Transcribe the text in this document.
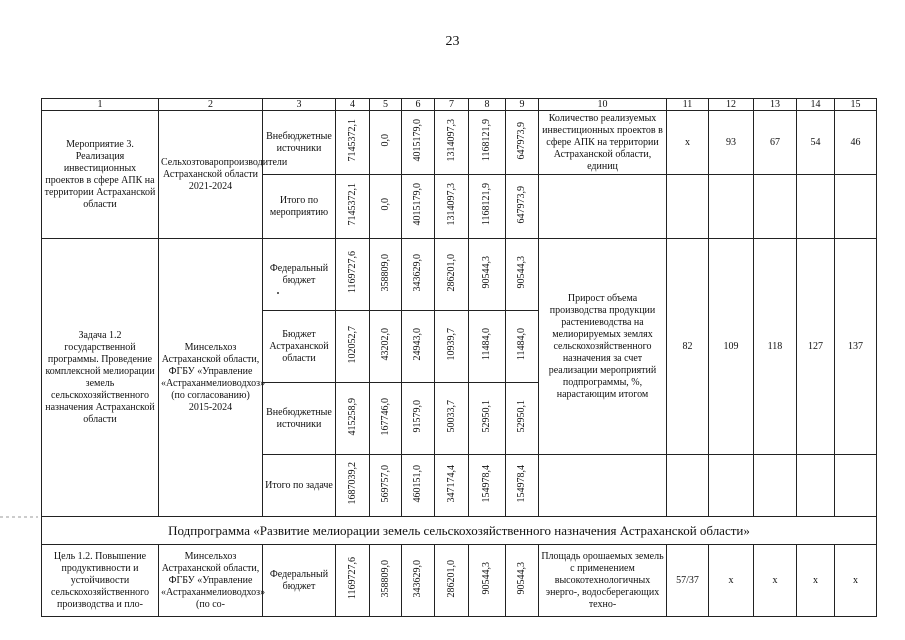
23
1	2	3	4	5	6	7	8	9	10	11	12	13	14	15
Мероприятие 3. Реализация инвестиционных проектов в сфере АПК на территории Астраханской области	Сельхозтоваропроизводители Астраханской области 2021-2024	Внебюджетные источники	7145372,1	0,0	4015179,0	1314097,3	1168121,9	647973,9	Количество реализуемых инвестиционных проектов в сфере АПК на территории Астраханской области, единиц	x	93	67	54	46
		Итого по мероприятию	7145372,1	0,0	4015179,0	1314097,3	1168121,9	647973,9						
Задача 1.2 государственной программы. Проведение комплексной мелиорации земель сельскохозяйственного назначения Астраханской области	Минсельхоз Астраханской области, ФГБУ «Управление «Астраханмелиоводхоз» (по согласованию) 2015-2024	Федеральный бюджет	1169727,6	358809,0	343629,0	286201,0	90544,3	90544,3	Прирост объема производства продукции растениеводства на мелиорируемых землях сельскохозяйственного назначения за счет реализации мероприятий подпрограммы, %, нарастающим итогом	82	109	118	127	137
		Бюджет Астраханской области	102052,7	43202,0	24943,0	10939,7	11484,0	11484,0						
		Внебюджетные источники	415258,9	167746,0	91579,0	50033,7	52950,1	52950,1						
		Итого по задаче	1687039,2	569757,0	460151,0	347174,4	154978,4	154978,4						
Подпрограмма «Развитие мелиорации земель сельскохозяйственного назначения Астраханской области»														
Цель 1.2. Повышение продуктивности и устойчивости сельскохозяйственного производства и пло-	Минсельхоз Астраханской области, ФГБУ «Управление «Астраханмелиоводхоз» (по со-	Федеральный бюджет	1169727,6	358809,0	343629,0	286201,0	90544,3	90544,3	Площадь орошаемых земель с применением высокотехнологичных энерго-, водосберегающих техно-	57/37	x	x	x	x
